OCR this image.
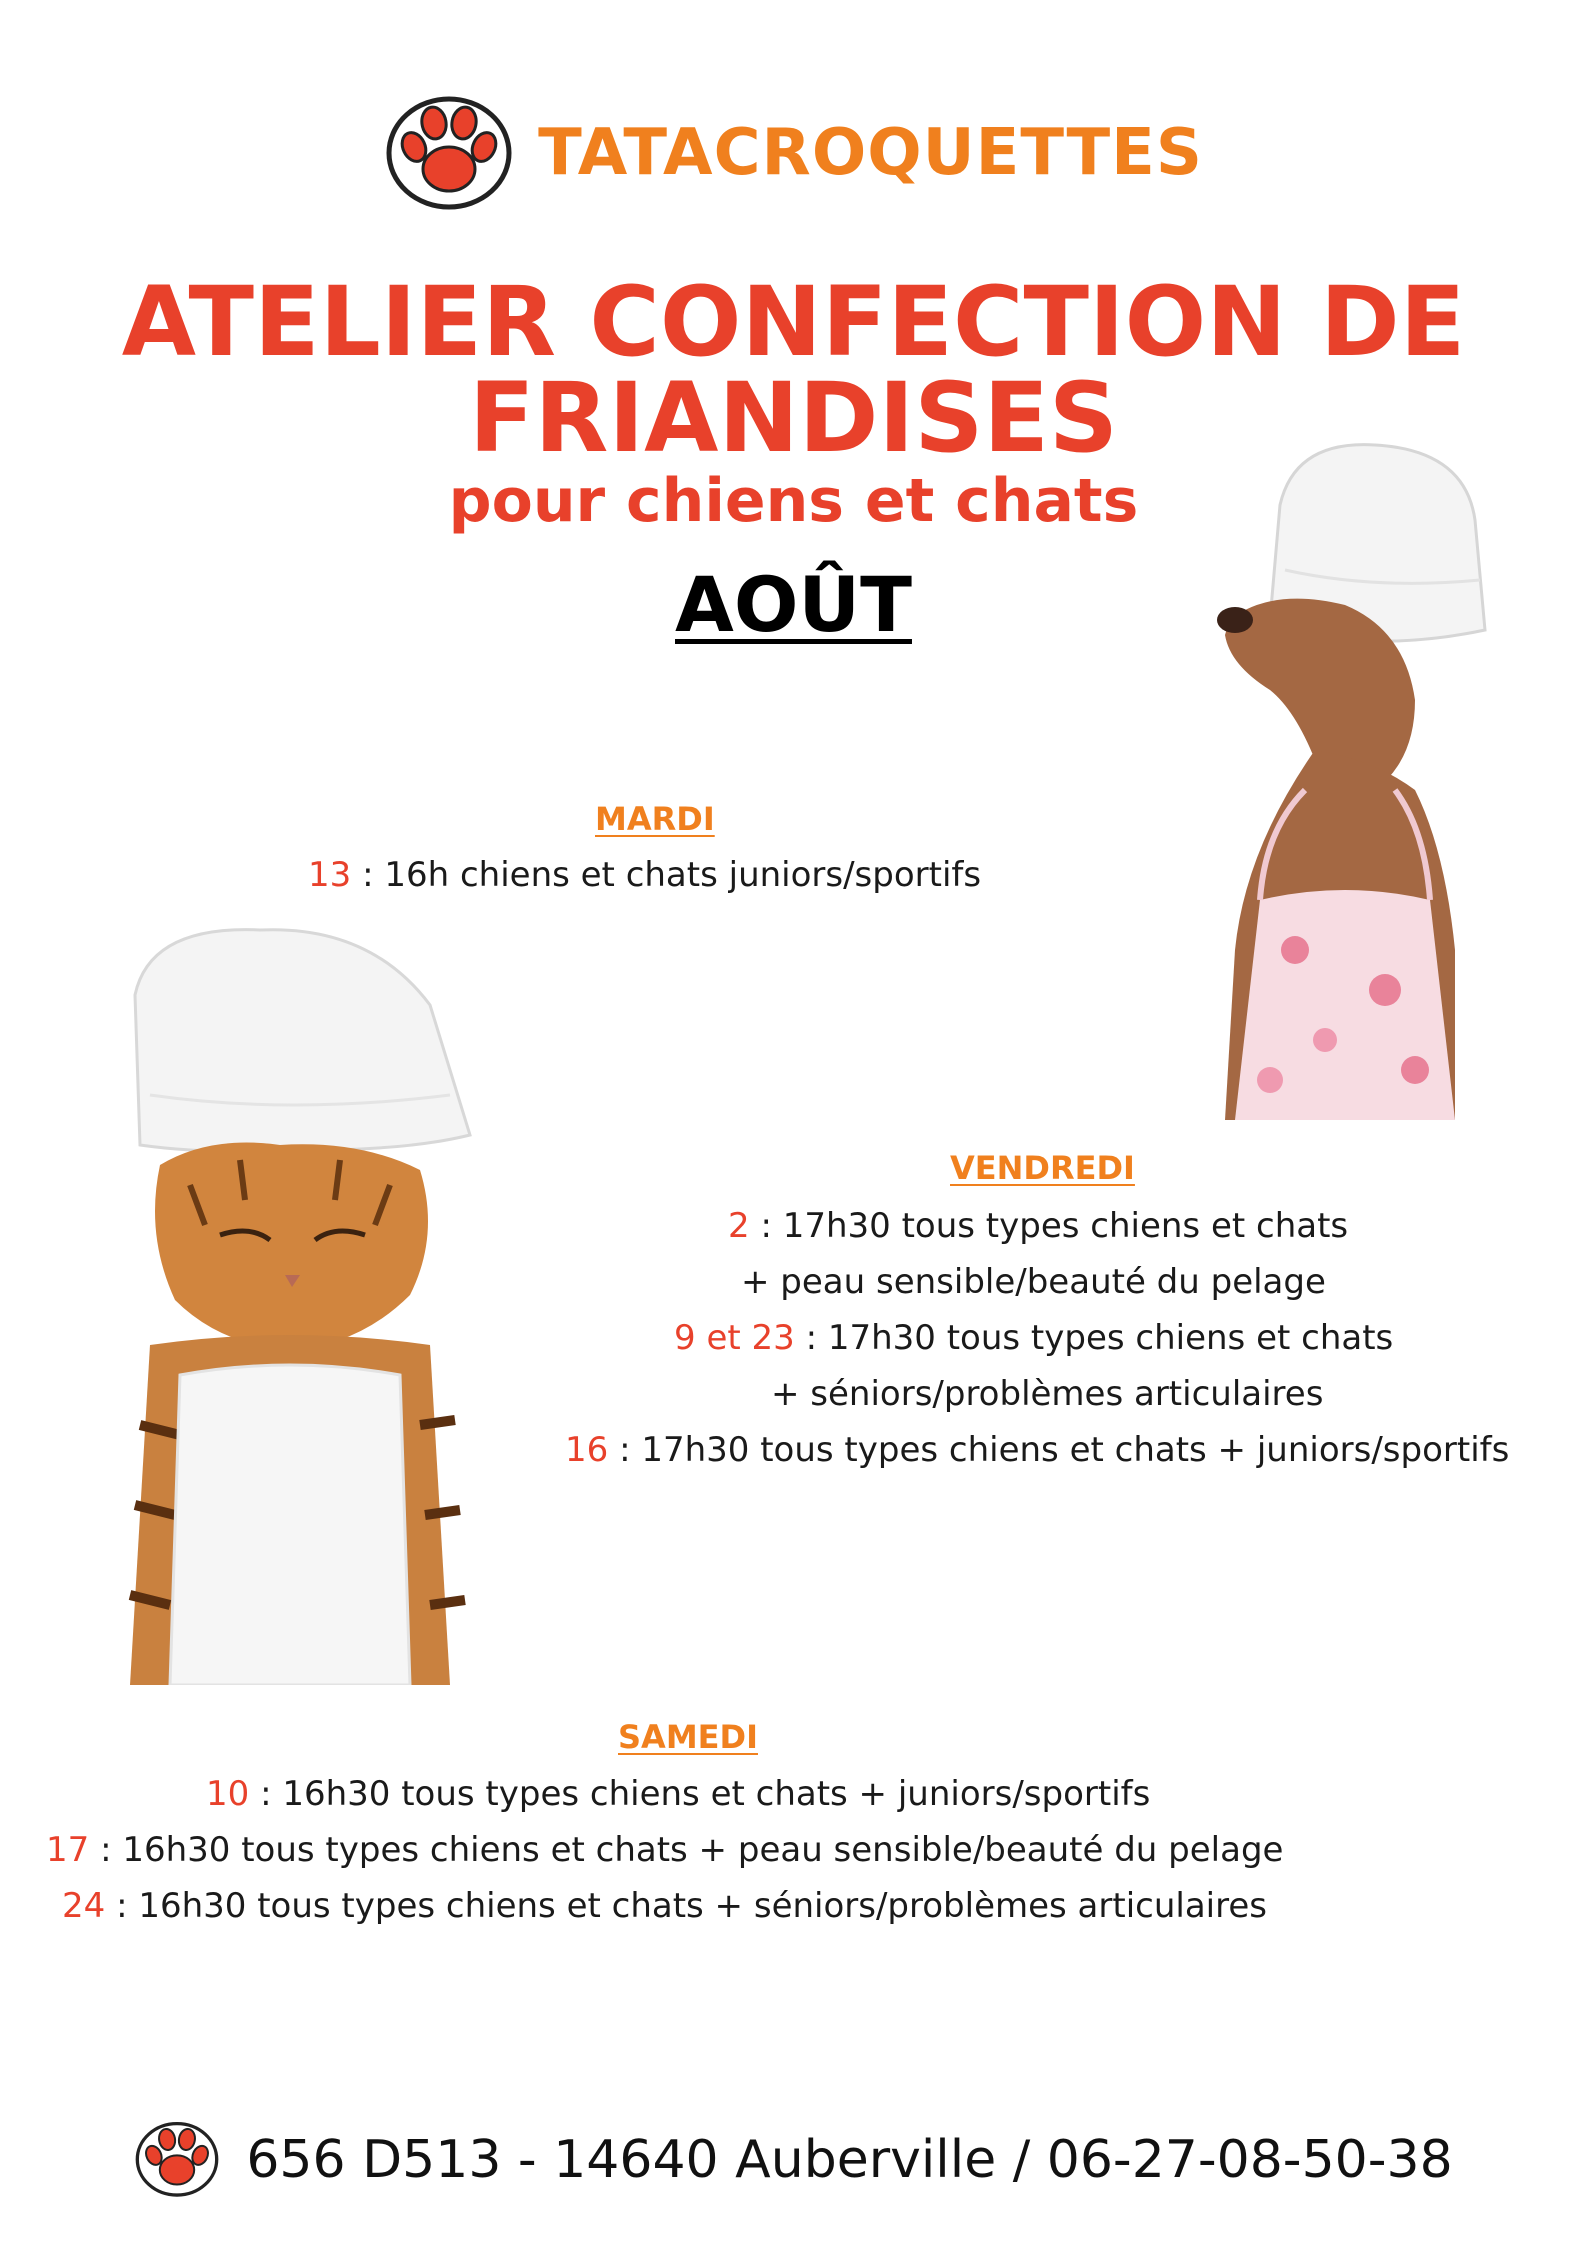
TATACROQUETTES
ATELIER CONFECTION DE
FRIANDISES
pour chiens et chats
AOÛT
MARDI
13 : 16h chiens et chats juniors/sportifs
VENDREDI
2 : 17h30 tous types chiens et chats
+ peau sensible/beauté du pelage
9 et 23 : 17h30 tous types chiens et chats
+ séniors/problèmes articulaires
16 : 17h30 tous types chiens et chats + juniors/sportifs
SAMEDI
10 : 16h30 tous types chiens et chats + juniors/sportifs
17 : 16h30 tous types chiens et chats + peau sensible/beauté du pelage
24 : 16h30 tous types chiens et chats + séniors/problèmes articulaires
656 D513 - 14640 Auberville / 06-27-08-50-38
